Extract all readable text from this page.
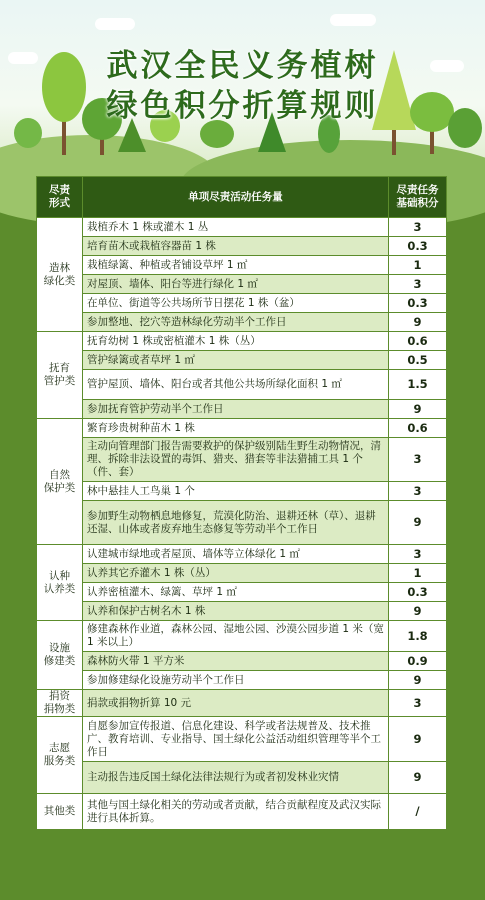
武汉全民义务植树
绿色积分折算规则
尽责
形式	单项尽责活动任务量	尽责任务
基础积分
造林
绿化类	栽植乔木 1 株或灌木 1 丛	3
	培育苗木或栽植容器苗 1 株	0.3
	栽植绿篱、种植或者铺设草坪 1 ㎡	1
	对屋顶、墙体、阳台等进行绿化 1 ㎡	3
	在单位、街道等公共场所节日摆花 1 株（盆）	0.3
	参加整地、挖穴等造林绿化劳动半个工作日	9
抚育
管护类	抚育幼树 1 株或密植灌木 1 株（丛）	0.6
	管护绿篱或者草坪 1 ㎡	0.5
	管护屋顶、墙体、阳台或者其他公共场所绿化面积 1 ㎡	1.5
	参加抚育管护劳动半个工作日	9
自然
保护类	繁育珍贵树种苗木 1 株	0.6
	主动向管理部门报告需要救护的保护级别陆生野生动物情况，清理、拆除非法设置的毒饵、猎夹、猎套等非法猎捕工具 1 个（件、套）	3
	林中悬挂人工鸟巢 1 个	3
	参加野生动物栖息地修复，荒漠化防治、退耕还林（草）、退耕还湿、山体或者废弃地生态修复等劳动半个工作日	9
认种
认养类	认建城市绿地或者屋顶、墙体等立体绿化 1 ㎡	3
	认养其它乔灌木 1 株（丛）	1
	认养密植灌木、绿篱、草坪 1 ㎡	0.3
	认养和保护古树名木 1 株	9
设施
修建类	修建森林作业道，森林公园、湿地公园、沙漠公园步道 1 米（宽 1 米以上）	1.8
	森林防火带 1 平方米	0.9
	参加修建绿化设施劳动半个工作日	9
捐资
捐物类	捐款或捐物折算 10 元	3
志愿
服务类	自愿参加宣传报道、信息化建设、科学或者法规普及、技术推广、教育培训、专业指导、国土绿化公益活动组织管理等半个工作日	9
	主动报告违反国土绿化法律法规行为或者初发林业灾情	9
其他类	其他与国土绿化相关的劳动或者贡献，结合贡献程度及武汉实际进行具体折算。	/
